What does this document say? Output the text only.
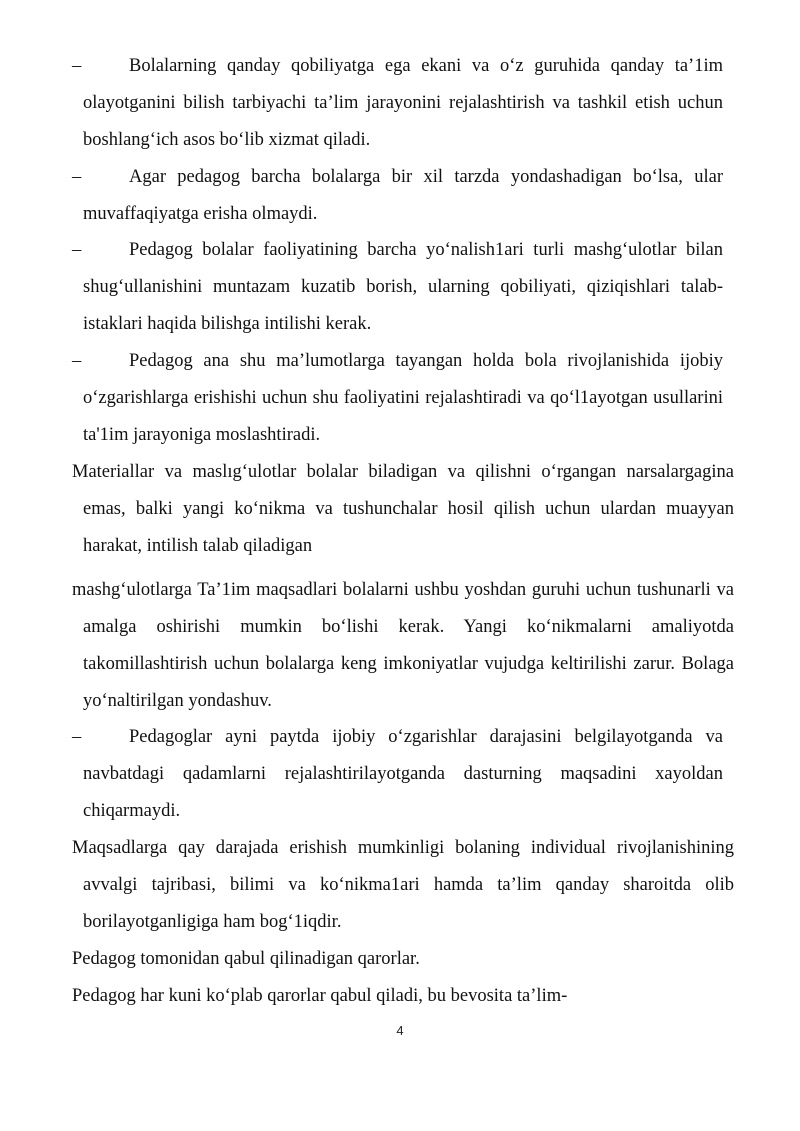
–	Bolalarning qanday qobiliyatga ega ekani va o‘z guruhida qanday ta’1im olayotganini bilish tarbiyachi ta’lim jarayonini rejalashtirish va tashkil etish uchun boshlang‘ich asos bo‘lib xizmat qiladi.
–	Agar pedagog barcha bolalarga bir xil tarzda yondashadigan bo‘lsa, ular muvaffaqiyatga erisha olmaydi.
–	Pedagog bolalar faoliyatining barcha yo‘nalish1ari turli mashg‘ulotlar bilan shug‘ullanishini muntazam kuzatib borish, ularning qobiliyati, qiziqishlari talab-istaklari haqida bilishga intilishi kerak.
–	Pedagog ana shu ma’lumotlarga tayangan holda bola rivojlanishida ijobiy o‘zgarishlarga erishishi uchun shu faoliyatini rejalashtiradi va qo‘l1ayotgan usullarini ta'1im jarayoniga moslashtiradi.
Materiallar va maslıg‘ulotlar bolalar biladigan va qilishni o‘rgangan narsalargagina emas, balki yangi ko‘nikma va tushunchalar hosil qilish uchun ulardan muayyan harakat, intilish talab qiladigan
mashg‘ulotlarga Ta’1im maqsadlari bolalarni ushbu yoshdan guruhi uchun tushunarli va amalga oshirishi mumkin bo‘lishi kerak. Yangi ko‘nikmalarni amaliyotda takomillashtirish uchun bolalarga keng imkoniyatlar vujudga keltirilishi zarur. Bolaga yo‘naltirilgan yondashuv.
–	Pedagoglar ayni paytda ijobiy o‘zgarishlar darajasini belgilayotganda va navbatdagi qadamlarni rejalashtirilayotganda dasturning maqsadini xayoldan chiqarmaydi.
Maqsadlarga qay darajada erishish mumkinligi bolaning individual rivojlanishining avvalgi tajribasi, bilimi va ko‘nikma1ari hamda ta’lim qanday sharoitda olib borilayotganligiga ham bog‘1iqdir.
Pedagog tomonidan qabul qilinadigan qarorlar.
Pedagog har kuni ko‘plab qarorlar qabul qiladi, bu bevosita ta’lim-
4
